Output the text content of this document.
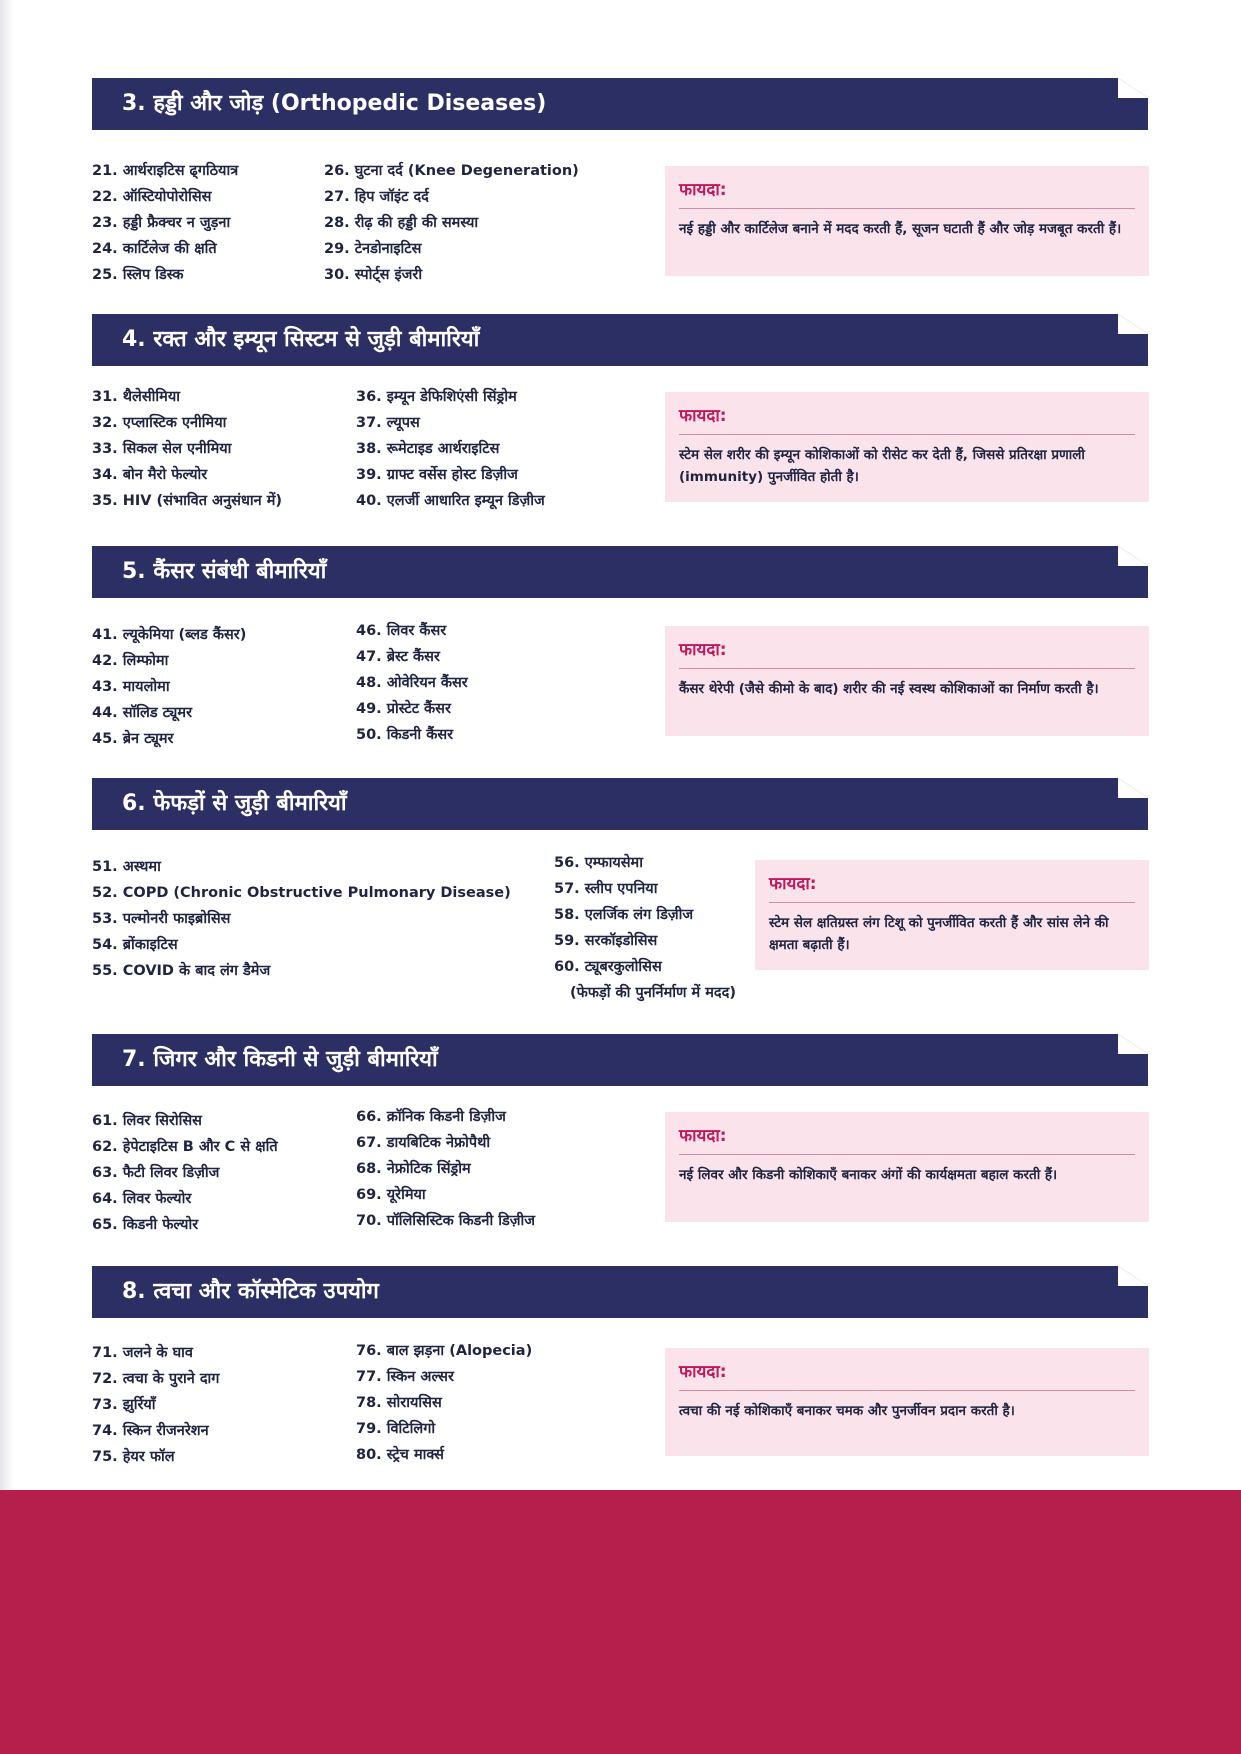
3. हड्डी और जोड़ (Orthopedic Diseases)
21. आर्थराइटिस ढ्गठियात्र
22. ऑस्टियोपोरोसिस
23. हड्डी फ्रैक्चर न जुड़ना
24. कार्टिलेज की क्षति
25. स्लिप डिस्क
26. घुटना दर्द (Knee Degeneration)
27. हिप जॉइंट दर्द
28. रीढ़ की हड्डी की समस्या
29. टेनडोनाइटिस
30. स्पोर्ट्स इंजरी
फायदा:
नई हड्डी और कार्टिलेज बनाने में मदद करती हैं, सूजन घटाती हैं और जोड़ मजबूत करती हैं।
4. रक्त और इम्यून सिस्टम से जुड़ी बीमारियाँ
31. थैलेसीमिया
32. एप्लास्टिक एनीमिया
33. सिकल सेल एनीमिया
34. बोन मैरो फेल्योर
35. HIV (संभावित अनुसंधान में)
36. इम्यून डेफिशिएंसी सिंड्रोम
37. ल्यूपस
38. रूमेटाइड आर्थराइटिस
39. ग्राफ्ट वर्सेस होस्ट डिज़ीज
40. एलर्जी आधारित इम्यून डिज़ीज
फायदा:
स्टेम सेल शरीर की इम्यून कोशिकाओं को रीसेट कर देती हैं, जिससे प्रतिरक्षा प्रणाली (immunity) पुनर्जीवित होती है।
5. कैंसर संबंधी बीमारियाँ
41. ल्यूकेमिया (ब्लड कैंसर)
42. लिम्फोमा
43. मायलोमा
44. सॉलिड ट्यूमर
45. ब्रेन ट्यूमर
46. लिवर कैंसर
47. ब्रेस्ट कैंसर
48. ओवेरियन कैंसर
49. प्रोस्टेट कैंसर
50. किडनी कैंसर
फायदा:
कैंसर थेरेपी (जैसे कीमो के बाद) शरीर की नई स्वस्थ कोशिकाओं का निर्माण करती है।
6. फेफड़ों से जुड़ी बीमारियाँ
51. अस्थमा
52. COPD (Chronic Obstructive Pulmonary Disease)
53. पल्मोनरी फाइब्रोसिस
54. ब्रोंकाइटिस
55. COVID के बाद लंग डैमेज
56. एम्फायसेमा
57. स्लीप एपनिया
58. एलर्जिक लंग डिज़ीज
59. सरकॉइडोसिस
60. ट्यूबरकुलोसिस
(फेफड़ों की पुनर्निर्माण में मदद)
फायदा:
स्टेम सेल क्षतिग्रस्त लंग टिशू को पुनर्जीवित करती हैं और सांस लेने की क्षमता बढ़ाती हैं।
7. जिगर और किडनी से जुड़ी बीमारियाँ
61. लिवर सिरोसिस
62. हेपेटाइटिस B और C से क्षति
63. फैटी लिवर डिज़ीज
64. लिवर फेल्योर
65. किडनी फेल्योर
66. क्रॉनिक किडनी डिज़ीज
67. डायबिटिक नेफ्रोपैथी
68. नेफ्रोटिक सिंड्रोम
69. यूरेमिया
70. पॉलिसिस्टिक किडनी डिज़ीज
फायदा:
नई लिवर और किडनी कोशिकाएँ बनाकर अंगों की कार्यक्षमता बहाल करती हैं।
8. त्वचा और कॉस्मेटिक उपयोग
71. जलने के घाव
72. त्वचा के पुराने दाग
73. झुर्रियाँ
74. स्किन रीजनरेशन
75. हेयर फॉल
76. बाल झड़ना (Alopecia)
77. स्किन अल्सर
78. सोरायसिस
79. विटिलिगो
80. स्ट्रेच मार्क्स
फायदा:
त्वचा की नई कोशिकाएँ बनाकर चमक और पुनर्जीवन प्रदान करती है।
